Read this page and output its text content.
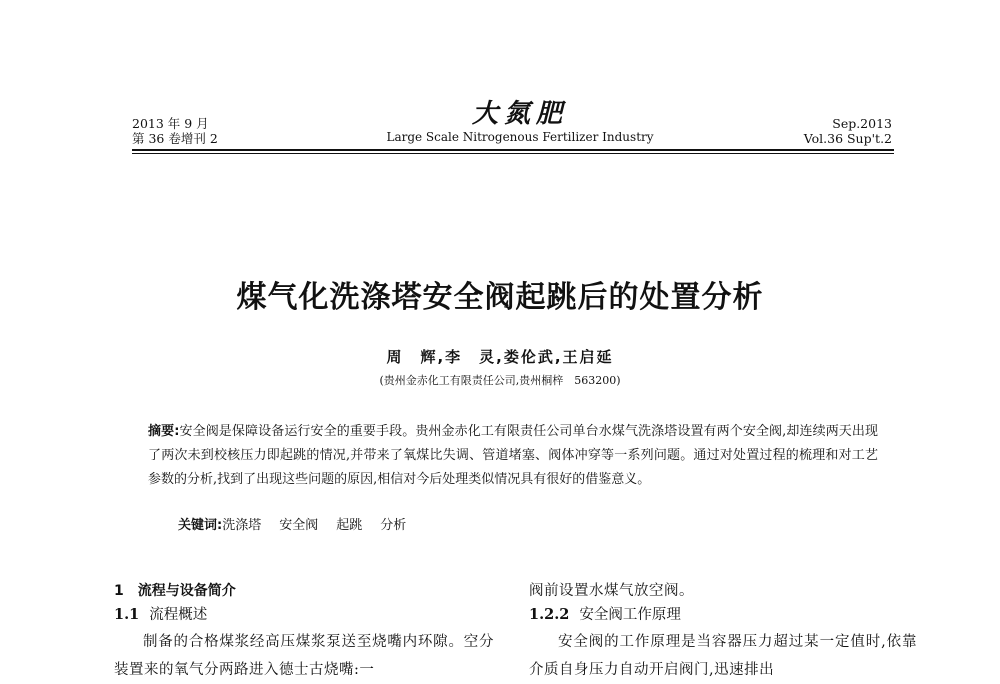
2013 年 9 月
第 36 卷增刊 2
大氮肥
Large Scale Nitrogenous Fertilizer Industry
Sep.2013
Vol.36 Sup't.2
煤气化洗涤塔安全阀起跳后的处置分析
周　辉,李　灵,娄伦武,王启延
(贵州金赤化工有限责任公司,贵州桐梓　563200)
摘要:安全阀是保障设备运行安全的重要手段。贵州金赤化工有限责任公司单台水煤气洗涤塔设置有两个安全阀,却连续两天出现了两次未到校核压力即起跳的情况,并带来了氧煤比失调、管道堵塞、阀体冲穿等一系列问题。通过对处置过程的梳理和对工艺参数的分析,找到了出现这些问题的原因,相信对今后处理类似情况具有很好的借鉴意义。
关键词:洗涤塔 安全阀 起跳 分析
1　流程与设备简介
1.1 流程概述
制备的合格煤浆经高压煤浆泵送至烧嘴内环隙。空分装置来的氧气分两路进入德士古烧嘴:一
阀前设置水煤气放空阀。
1.2.2 安全阀工作原理
安全阀的工作原理是当容器压力超过某一定值时,依靠介质自身压力自动开启阀门,迅速排出
